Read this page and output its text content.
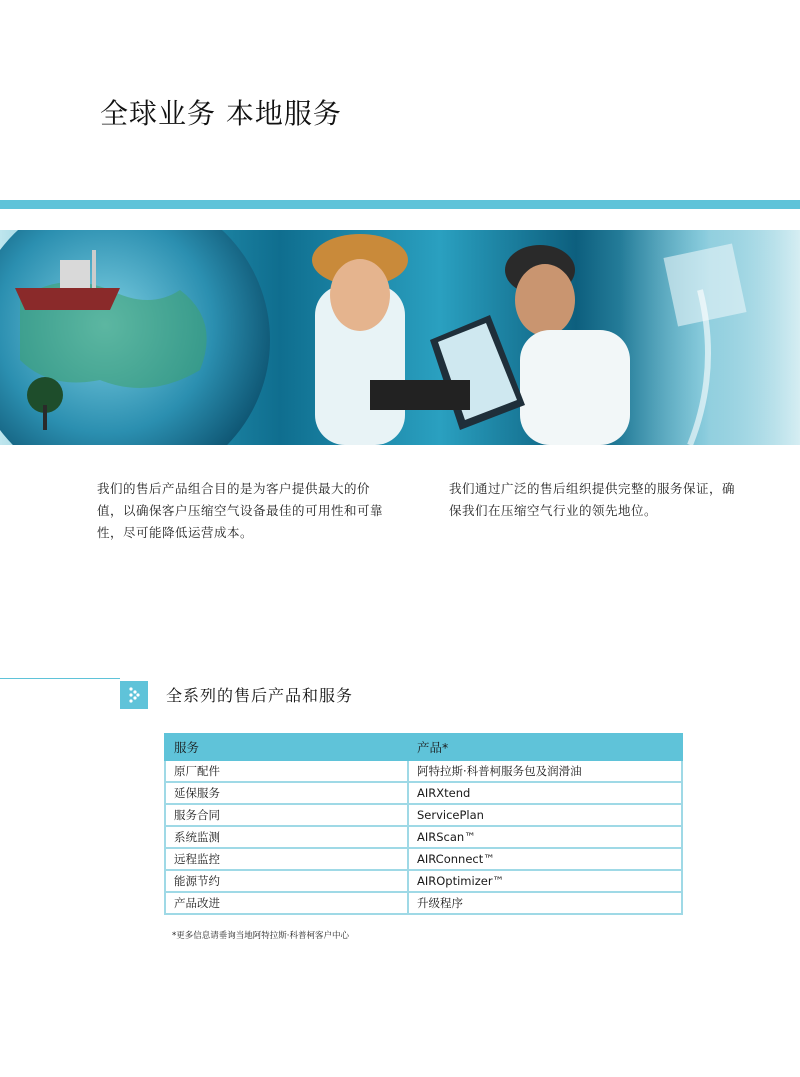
全球业务 本地服务
我们的售后产品组合目的是为客户提供最大的价值，以确保客户压缩空气设备最佳的可用性和可靠性，尽可能降低运营成本。
我们通过广泛的售后组织提供完整的服务保证，确保我们在压缩空气行业的领先地位。
全系列的售后产品和服务
服务	产品*
原厂配件	阿特拉斯·科普柯服务包及润滑油
延保服务	AIRXtend
服务合同	ServicePlan
系统监测	AIRScan™
远程监控	AIRConnect™
能源节约	AIROptimizer™
产品改进	升级程序
*更多信息请垂询当地阿特拉斯·科普柯客户中心
